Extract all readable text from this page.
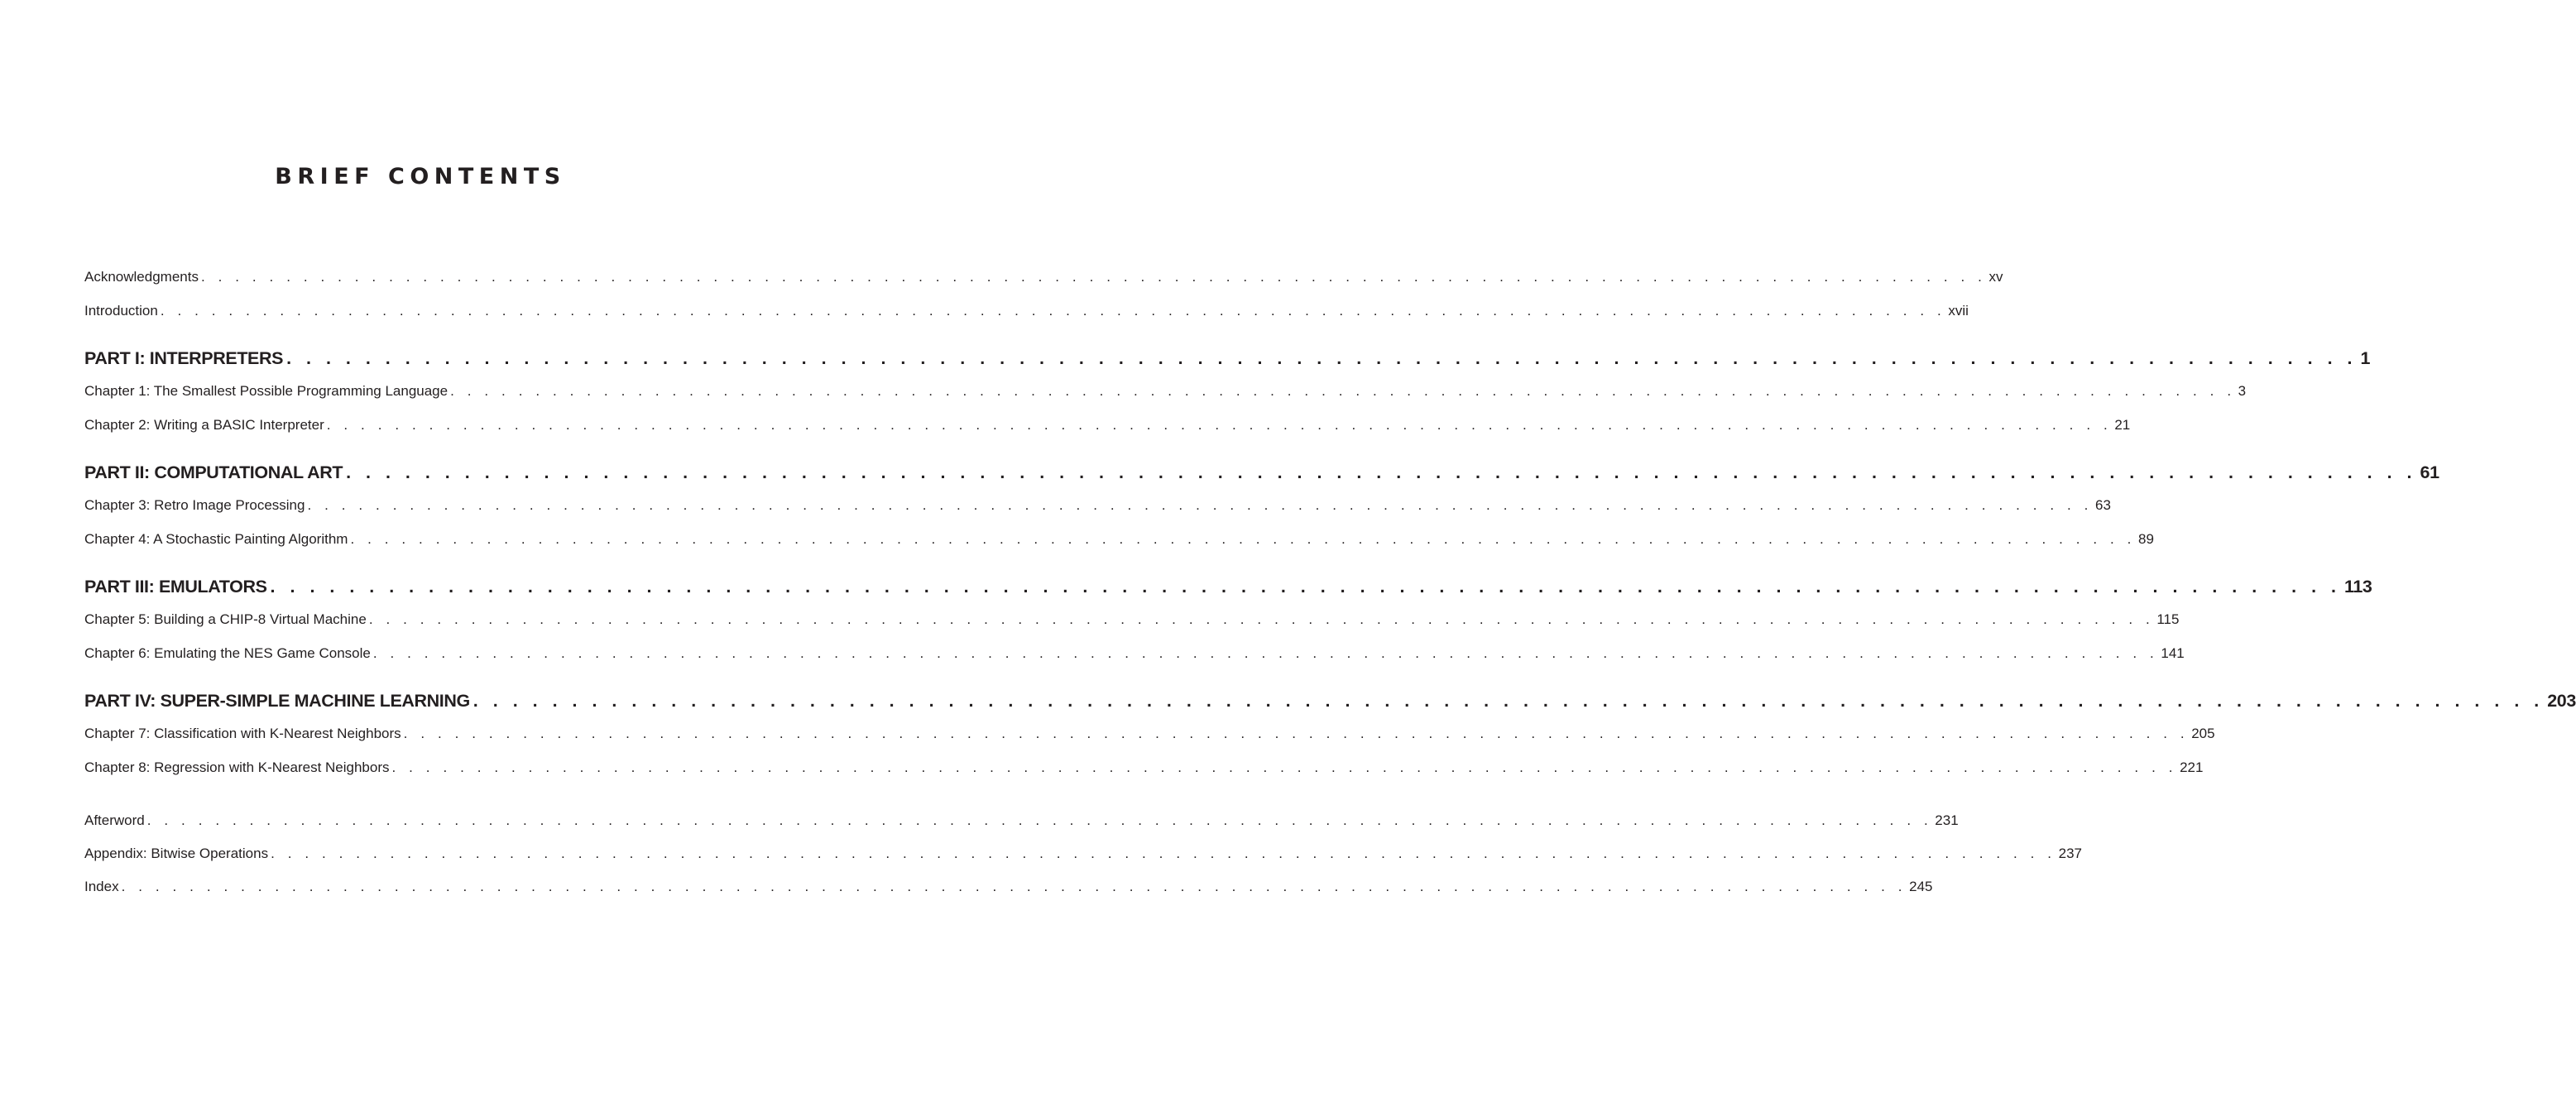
BRIEF CONTENTS
Acknowledgments . . . . . . . . . . . . . . . . . . . . . . . . . . . . . . . . . . . . . . . . . . . . . . . . . . . . . . . . . . . . . . . . . . . . . . . . . . . . . . . . . . . . . . . . . . . . . . . . . . . . . . . . . xv
Introduction . . . . . . . . . . . . . . . . . . . . . . . . . . . . . . . . . . . . . . . . . . . . . . . . . . . . . . . . . . . . . . . . . . . . . . . . . . . . . . . . . . . . . . . . . . . . . . . . . . . . . . . . . xvii
PART I: INTERPRETERS . . . . . . . . . . . . . . . . . . . . . . . . . . . . . . . . . . . . . . . . . . . . . . . . . . . . . . . . . . . . . . . . . . . . . . . . . . . . . . . . . . . . . . . . . . . . . . . . . . . . . . . . . 1
Chapter 1: The Smallest Possible Programming Language . . . . . . . . . . . . . . . . . . . . . . . . . . . . . . . . . . . . . . . . . . . . . . . . . . . . . . . . . . . . . . . . . . . . . . . . . . . . . . . . . . . . . . . . . . . . . . . . . . . . . . . . . 3
Chapter 2: Writing a BASIC Interpreter . . . . . . . . . . . . . . . . . . . . . . . . . . . . . . . . . . . . . . . . . . . . . . . . . . . . . . . . . . . . . . . . . . . . . . . . . . . . . . . . . . . . . . . . . . . . . . . . . . . . . . . . . 21
PART II: COMPUTATIONAL ART . . . . . . . . . . . . . . . . . . . . . . . . . . . . . . . . . . . . . . . . . . . . . . . . . . . . . . . . . . . . . . . . . . . . . . . . . . . . . . . . . . . . . . . . . . . . . . . . . . . . . . . . . 61
Chapter 3: Retro Image Processing . . . . . . . . . . . . . . . . . . . . . . . . . . . . . . . . . . . . . . . . . . . . . . . . . . . . . . . . . . . . . . . . . . . . . . . . . . . . . . . . . . . . . . . . . . . . . . . . . . . . . . . . . 63
Chapter 4: A Stochastic Painting Algorithm . . . . . . . . . . . . . . . . . . . . . . . . . . . . . . . . . . . . . . . . . . . . . . . . . . . . . . . . . . . . . . . . . . . . . . . . . . . . . . . . . . . . . . . . . . . . . . . . . . . . . . . . . 89
PART III: EMULATORS . . . . . . . . . . . . . . . . . . . . . . . . . . . . . . . . . . . . . . . . . . . . . . . . . . . . . . . . . . . . . . . . . . . . . . . . . . . . . . . . . . . . . . . . . . . . . . . . . . . . . . . . . 113
Chapter 5: Building a CHIP-8 Virtual Machine . . . . . . . . . . . . . . . . . . . . . . . . . . . . . . . . . . . . . . . . . . . . . . . . . . . . . . . . . . . . . . . . . . . . . . . . . . . . . . . . . . . . . . . . . . . . . . . . . . . . . . . . . 115
Chapter 6: Emulating the NES Game Console . . . . . . . . . . . . . . . . . . . . . . . . . . . . . . . . . . . . . . . . . . . . . . . . . . . . . . . . . . . . . . . . . . . . . . . . . . . . . . . . . . . . . . . . . . . . . . . . . . . . . . . . . 141
PART IV: SUPER-SIMPLE MACHINE LEARNING . . . . . . . . . . . . . . . . . . . . . . . . . . . . . . . . . . . . . . . . . . . . . . . . . . . . . . . . . . . . . . . . . . . . . . . . . . . . . . . . . . . . . . . . . . . . . . . . . . . . . . . . . 203
Chapter 7: Classification with K-Nearest Neighbors . . . . . . . . . . . . . . . . . . . . . . . . . . . . . . . . . . . . . . . . . . . . . . . . . . . . . . . . . . . . . . . . . . . . . . . . . . . . . . . . . . . . . . . . . . . . . . . . . . . . . . . . . 205
Chapter 8: Regression with K-Nearest Neighbors . . . . . . . . . . . . . . . . . . . . . . . . . . . . . . . . . . . . . . . . . . . . . . . . . . . . . . . . . . . . . . . . . . . . . . . . . . . . . . . . . . . . . . . . . . . . . . . . . . . . . . . . . 221
Afterword . . . . . . . . . . . . . . . . . . . . . . . . . . . . . . . . . . . . . . . . . . . . . . . . . . . . . . . . . . . . . . . . . . . . . . . . . . . . . . . . . . . . . . . . . . . . . . . . . . . . . . . . . 231
Appendix: Bitwise Operations . . . . . . . . . . . . . . . . . . . . . . . . . . . . . . . . . . . . . . . . . . . . . . . . . . . . . . . . . . . . . . . . . . . . . . . . . . . . . . . . . . . . . . . . . . . . . . . . . . . . . . . . . 237
Index . . . . . . . . . . . . . . . . . . . . . . . . . . . . . . . . . . . . . . . . . . . . . . . . . . . . . . . . . . . . . . . . . . . . . . . . . . . . . . . . . . . . . . . . . . . . . . . . . . . . . . . . . 245
